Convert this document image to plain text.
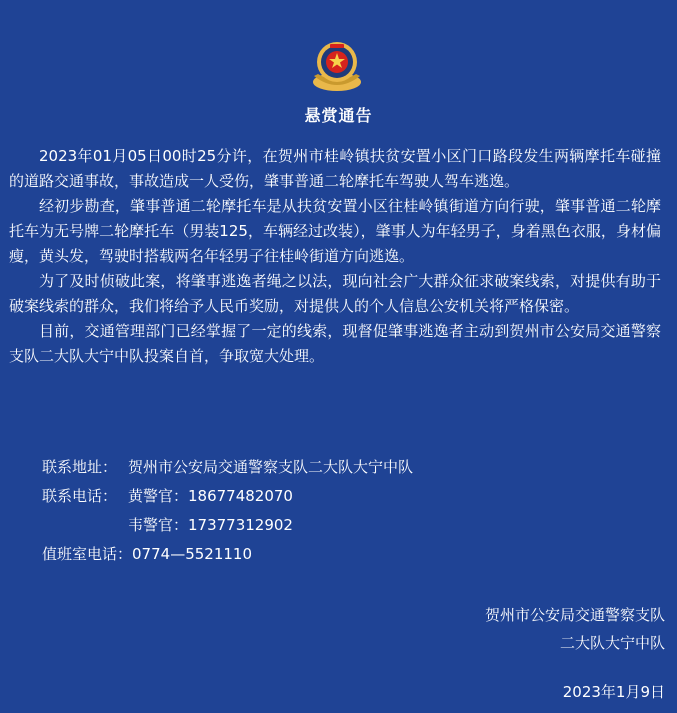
悬赏通告

2023年01月05日00时25分许，在贺州市桂岭镇扶贫安置小区门口路段发生两辆摩托车碰撞的道路交通事故，事故造成一人受伤，肇事普通二轮摩托车驾驶人驾车逃逸。

经初步勘查，肇事普通二轮摩托车是从扶贫安置小区往桂岭镇街道方向行驶，肇事普通二轮摩托车为无号牌二轮摩托车（男装125，车辆经过改装），肇事人为年轻男子，身着黑色衣服，身材偏瘦，黄头发，驾驶时搭载两名年轻男子往桂岭街道方向逃逸。

为了及时侦破此案，将肇事逃逸者绳之以法，现向社会广大群众征求破案线索，对提供有助于破案线索的群众，我们将给予人民币奖励，对提供人的个人信息公安机关将严格保密。

目前，交通管理部门已经掌握了一定的线索，现督促肇事逃逸者主动到贺州市公安局交通警察支队二大队大宁中队投案自首，争取宽大处理。

联系地址： 贺州市公安局交通警察支队二大队大宁中队
联系电话： 黄警官：18677482070
韦警官：17377312902
值班室电话：0774—5521110
贺州市公安局交通警察支队
二大队大宁中队
2023年1月9日
